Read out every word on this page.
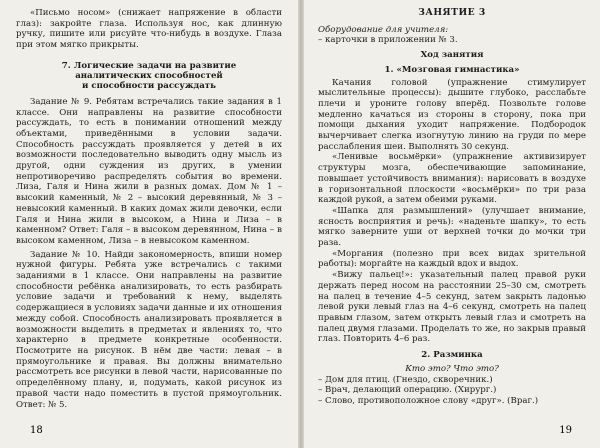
«Письмо носом» (снижает напряжение в области глаз): закройте глаза. Используя нос, как длинную ручку, пишите или рисуйте что-нибудь в воздухе. Глаза при этом мягко прикрыты.

7. Логические задачи на развитие
аналитических способностей
и способности рассуждать

Задание № 9. Ребятам встречались такие задания в 1 классе. Они направлены на развитие способности рассуждать, то есть в понимании отношений между объектами, приведёнными в условии задачи. Способность рассуждать проявляется у детей в их возможности последовательно выводить одну мысль из другой, одни суждения из других, в умении непротиворечиво распределять события во времени. Лиза, Галя и Нина жили в разных домах. Дом № 1 – высокий каменный, № 2 – высокий деревянный, № 3 – невысокий каменный. В каких домах жили девочки, если Галя и Нина жили в высоком, а Нина и Лиза – в каменном? Ответ: Галя – в высоком деревянном, Нина – в высоком каменном, Лиза – в невысоком каменном.

Задание № 10. Найди закономерность, впиши номер нужной фигуры. Ребята уже встречались с такими заданиями в 1 классе. Они направлены на развитие способности ребёнка анализировать, то есть разбирать условие задачи и требований к нему, выделять содержащиеся в условиях задачи данные и их отношения между собой. Способность анализировать проявляется в возможности выделить в предметах и явлениях то, что характерно в предмете конкретные особенности. Посмотрите на рисунок. В нём две части: левая – в прямоугольнике и правая. Вы должны внимательно рассмотреть все рисунки в левой части, нарисованные по определённому плану, и, подумать, какой рисунок из правой части надо поместить в пустой прямоугольник. Ответ: № 5.

18
ЗАНЯТИЕ 3

Оборудование для учителя:

– карточки в приложении № 3.

Ход занятия
1. «Мозговая гимнастика»

Качания головой (упражнение стимулирует мыслительные процессы): дышите глубоко, расслабьте плечи и уроните голову вперёд. Позвольте голове медленно качаться из стороны в сторону, пока при помощи дыхания уходит напряжение. Подбородок вычерчивает слегка изогнутую линию на груди по мере расслабления шеи. Выполнять 30 секунд.

«Ленивые восьмёрки» (упражнение активизирует структуры мозга, обеспечивающие запоминание, повышает устойчивость внимания): нарисовать в воздухе в горизонтальной плоскости «восьмёрки» по три раза каждой рукой, а затем обеими руками.

«Шапка для размышлений» (улучшает внимание, ясность восприятия и речь): «наденьте шапку», то есть мягко заверните уши от верхней точки до мочки три раза.

«Моргания (полезно при всех видах зрительной работы): моргайте на каждый вдох и выдох.

«Вижу пальец!»: указательный палец правой руки держать перед носом на расстоянии 25–30 см, смотреть на палец в течение 4–5 секунд, затем закрыть ладонью левой руки левый глаз на 4–6 секунд, смотреть на палец правым глазом, затем открыть левый глаз и смотреть на палец двумя глазами. Проделать то же, но закрыв правый глаз. Повторить 4–6 раз.

2. Разминка

Кто это? Что это?

– Дом для птиц. (Гнездо, скворечник.)

– Врач, делающий операцию. (Хирург.)

– Слово, противоположное слову «друг». (Враг.)

19
